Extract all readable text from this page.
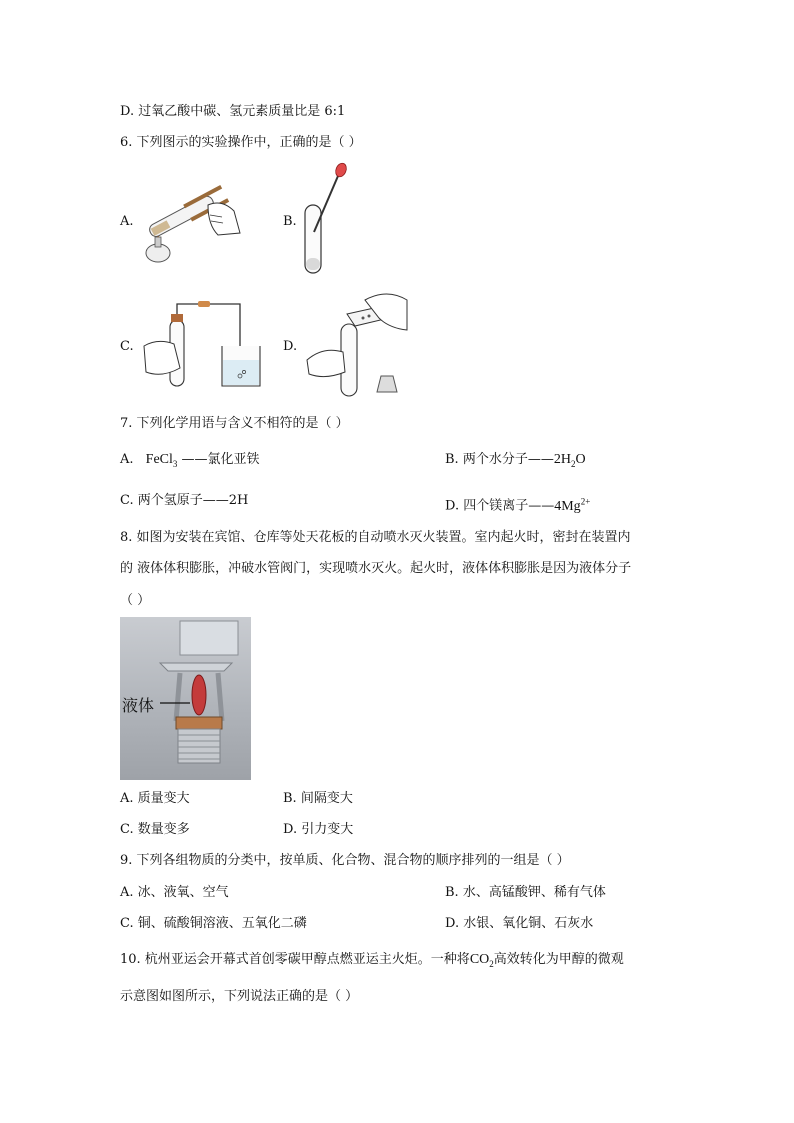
D. 过氧乙酸中碳、氢元素质量比是 6:1
6. 下列图示的实验操作中，正确的是（ ）
A.	B.
C.	D.
7. 下列化学用语与含义不相符的是（ ）
A. FeCl$_3$ ——氯化亚铁	B. 两个水分子$——2H_2O$
C. 两个氢原子——2H	D. 四个镁离子$——4Mg^{2+}$
8. 如图为安装在宾馆、仓库等处天花板的自动喷水灭火装置。室内起火时，密封在装置内
的 液体体积膨胀，冲破水管阀门，实现喷水灭火。起火时，液体体积膨胀是因为液体分子
（ ）
液体
A. 质量变大	B. 间隔变大
C. 数量变多	D. 引力变大
9. 下列各组物质的分类中，按单质、化合物、混合物的顺序排列的一组是（ ）
A. 冰、液氧、空气	B. 水、高锰酸钾、稀有气体
C. 铜、硫酸铜溶液、五氧化二磷	D. 水银、氧化铜、石灰水
10. 杭州亚运会开幕式首创零碳甲醇点燃亚运主火炬。一种将$CO_2$高效转化为甲醇的微观
示意图如图所示，下列说法正确的是（ ）
